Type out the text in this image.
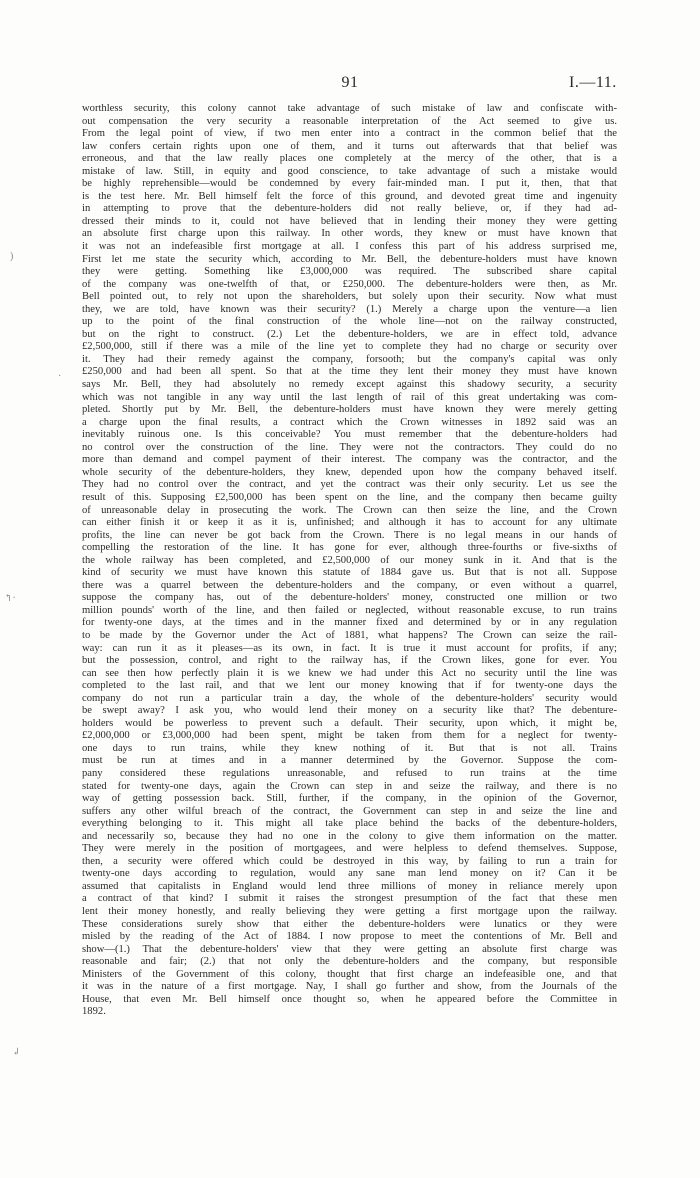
91	I.—11.
)
·
↰·
↲
worthless security, this colony cannot take advantage of such mistake of law and confiscate with-
out compensation the very security a reasonable interpretation of the Act seemed to give us.
From the legal point of view, if two men enter into a contract in the common belief that the
law confers certain rights upon one of them, and it turns out afterwards that that belief was
erroneous, and that the law really places one completely at the mercy of the other, that is a
mistake of law. Still, in equity and good conscience, to take advantage of such a mistake would
be highly reprehensible—would be condemned by every fair-minded man. I put it, then, that that
is the test here. Mr. Bell himself felt the force of this ground, and devoted great time and ingenuity
in attempting to prove that the debenture-holders did not really believe, or, if they had ad-
dressed their minds to it, could not have believed that in lending their money they were getting
an absolute first charge upon this railway. In other words, they knew or must have known that
it was not an indefeasible first mortgage at all. I confess this part of his address surprised me,
First let me state the security which, according to Mr. Bell, the debenture-holders must have known
they were getting. Something like £3,000,000 was required. The subscribed share capital
of the company was one-twelfth of that, or £250,000. The debenture-holders were then, as Mr.
Bell pointed out, to rely not upon the shareholders, but solely upon their security. Now what must
they, we are told, have known was their security? (1.) Merely a charge upon the venture—a lien
up to the point of the final construction of the whole line—not on the railway constructed,
but on the right to construct. (2.) Let the debenture-holders, we are in effect told, advance
£2,500,000, still if there was a mile of the line yet to complete they had no charge or security over
it. They had their remedy against the company, forsooth; but the company's capital was only
£250,000 and had been all spent. So that at the time they lent their money they must have known
says Mr. Bell, they had absolutely no remedy except against this shadowy security, a security
which was not tangible in any way until the last length of rail of this great undertaking was com-
pleted. Shortly put by Mr. Bell, the debenture-holders must have known they were merely getting
a charge upon the final results, a contract which the Crown witnesses in 1892 said was an
inevitably ruinous one. Is this conceivable? You must remember that the debenture-holders had
no control over the construction of the line. They were not the contractors. They could do no
more than demand and compel payment of their interest. The company was the contractor, and the
whole security of the debenture-holders, they knew, depended upon how the company behaved itself.
They had no control over the contract, and yet the contract was their only security. Let us see the
result of this. Supposing £2,500,000 has been spent on the line, and the company then became guilty
of unreasonable delay in prosecuting the work. The Crown can then seize the line, and the Crown
can either finish it or keep it as it is, unfinished; and although it has to account for any ultimate
profits, the line can never be got back from the Crown. There is no legal means in our hands of
compelling the restoration of the line. It has gone for ever, although three-fourths or five-sixths of
the whole railway has been completed, and £2,500,000 of our money sunk in it. And that is the
kind of security we must have known this statute of 1884 gave us. But that is not all. Suppose
there was a quarrel between the debenture-holders and the company, or even without a quarrel,
suppose the company has, out of the debenture-holders' money, constructed one million or two
million pounds' worth of the line, and then failed or neglected, without reasonable excuse, to run trains
for twenty-one days, at the times and in the manner fixed and determined by or in any regulation
to be made by the Governor under the Act of 1881, what happens? The Crown can seize the rail-
way: can run it as it pleases—as its own, in fact. It is true it must account for profits, if any;
but the possession, control, and right to the railway has, if the Crown likes, gone for ever. You
can see then how perfectly plain it is we knew we had under this Act no security until the line was
completed to the last rail, and that we lent our money knowing that if for twenty-one days the
company do not run a particular train a day, the whole of the debenture-holders' security would
be swept away? I ask you, who would lend their money on a security like that? The debenture-
holders would be powerless to prevent such a default. Their security, upon which, it might be,
£2,000,000 or £3,000,000 had been spent, might be taken from them for a neglect for twenty-
one days to run trains, while they knew nothing of it. But that is not all. Trains
must be run at times and in a manner determined by the Governor. Suppose the com-
pany considered these regulations unreasonable, and refused to run trains at the time
stated for twenty-one days, again the Crown can step in and seize the railway, and there is no
way of getting possession back. Still, further, if the company, in the opinion of the Governor,
suffers any other wilful breach of the contract, the Government can step in and seize the line and
everything belonging to it. This might all take place behind the backs of the debenture-holders,
and necessarily so, because they had no one in the colony to give them information on the matter.
They were merely in the position of mortgagees, and were helpless to defend themselves. Suppose,
then, a security were offered which could be destroyed in this way, by failing to run a train for
twenty-one days according to regulation, would any sane man lend money on it? Can it be
assumed that capitalists in England would lend three millions of money in reliance merely upon
a contract of that kind? I submit it raises the strongest presumption of the fact that these men
lent their money honestly, and really believing they were getting a first mortgage upon the railway.
These considerations surely show that either the debenture-holders were lunatics or they were
misled by the reading of the Act of 1884. I now propose to meet the contentions of Mr. Bell and
show—(1.) That the debenture-holders' view that they were getting an absolute first charge was
reasonable and fair; (2.) that not only the debenture-holders and the company, but responsible
Ministers of the Government of this colony, thought that first charge an indefeasible one, and that
it was in the nature of a first mortgage. Nay, I shall go further and show, from the Journals of the
House, that even Mr. Bell himself once thought so, when he appeared before the Committee in
1892.
